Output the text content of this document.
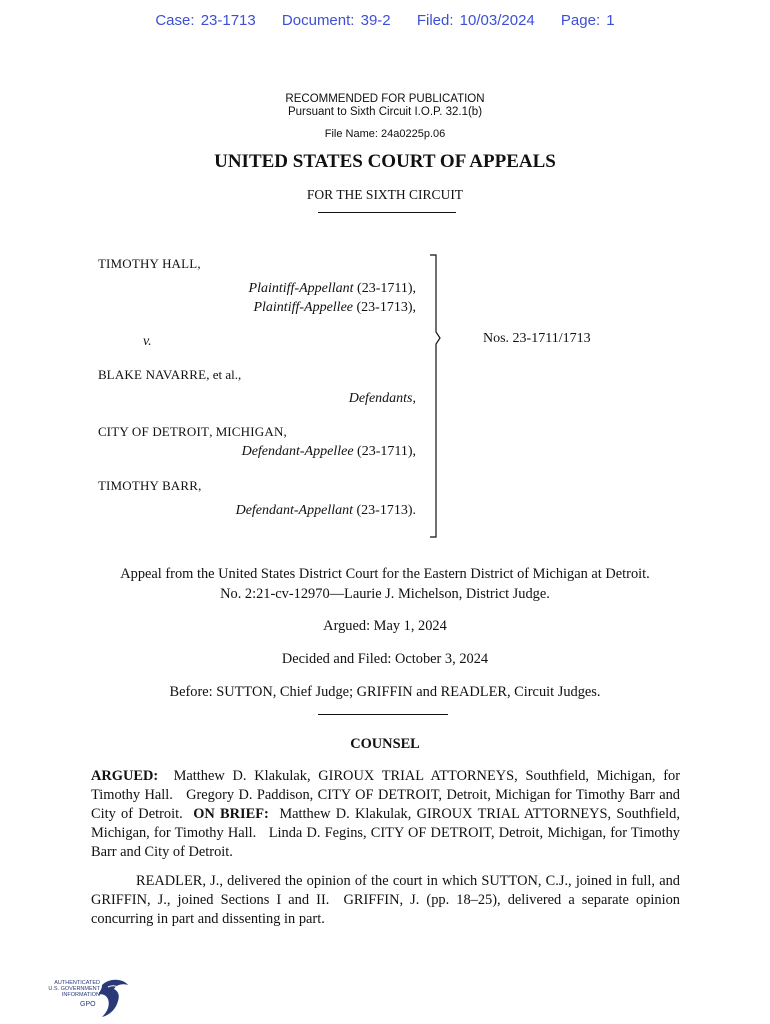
Case: 23-1713 Document: 39-2 Filed: 10/03/2024 Page: 1
RECOMMENDED FOR PUBLICATION
Pursuant to Sixth Circuit I.O.P. 32.1(b)
File Name: 24a0225p.06
UNITED STATES COURT OF APPEALS
FOR THE SIXTH CIRCUIT
TIMOTHY HALL,
Plaintiff-Appellant (23-1711),
Plaintiff-Appellee (23-1713),
v.
BLAKE NAVARRE, et al.,
Defendants,
CITY OF DETROIT, MICHIGAN,
Defendant-Appellee (23-1711),
TIMOTHY BARR,
Defendant-Appellant (23-1713).
Nos. 23-1711/1713
Appeal from the United States District Court for the Eastern District of Michigan at Detroit.
No. 2:21-cv-12970—Laurie J. Michelson, District Judge.
Argued: May 1, 2024
Decided and Filed: October 3, 2024
Before: SUTTON, Chief Judge; GRIFFIN and READLER, Circuit Judges.
COUNSEL
ARGUED:  Matthew D. Klakulak, GIROUX TRIAL ATTORNEYS, Southfield, Michigan, for Timothy Hall.   Gregory D. Paddison, CITY OF DETROIT, Detroit, Michigan for Timothy Barr and City of Detroit.  ON BRIEF:  Matthew D. Klakulak, GIROUX TRIAL ATTORNEYS, Southfield, Michigan, for Timothy Hall.   Linda D. Fegins, CITY OF DETROIT, Detroit, Michigan, for Timothy Barr and City of Detroit.
READLER, J., delivered the opinion of the court in which SUTTON, C.J., joined in full, and GRIFFIN, J., joined Sections I and II.  GRIFFIN, J. (pp. 18–25), delivered a separate opinion concurring in part and dissenting in part.
AUTHENTICATED
U.S. GOVERNMENT
INFORMATION
GPO
